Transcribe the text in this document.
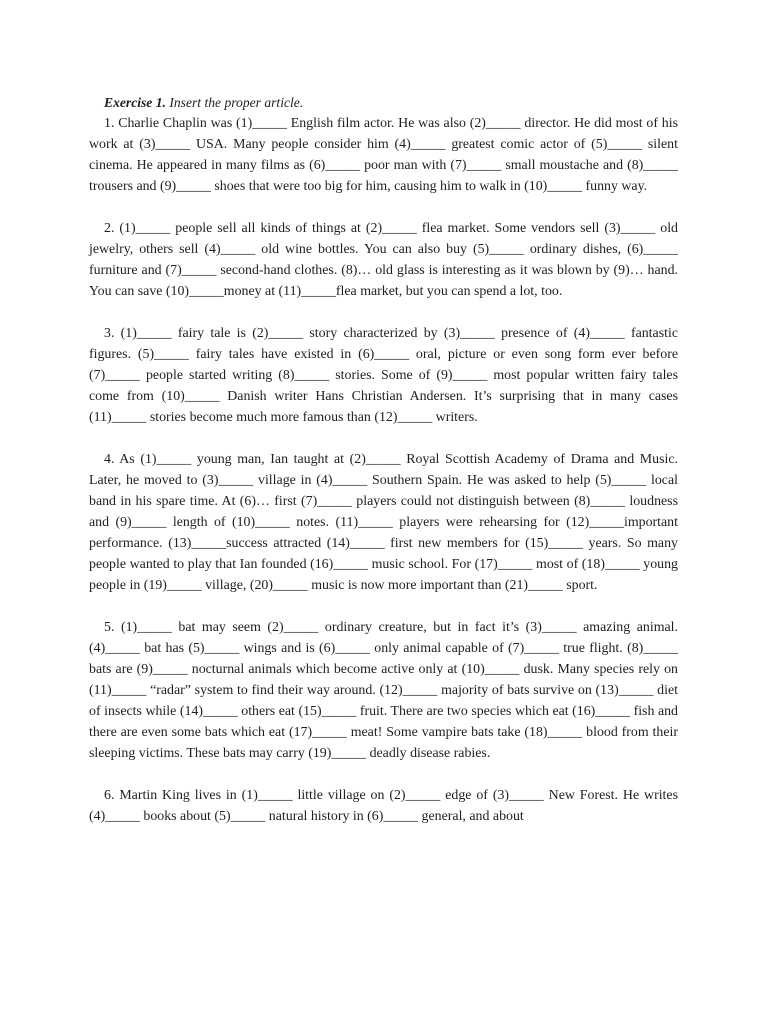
Exercise 1. Insert the proper article.

1. Charlie Chaplin was (1)_____ English film actor. He was also (2)_____ director. He did most of his work at (3)_____ USA. Many people consider him (4)_____ greatest comic actor of (5)_____ silent cinema. He appeared in many films as (6)_____ poor man with (7)_____ small moustache and (8)_____ trousers and (9)_____ shoes that were too big for him, causing him to walk in (10)_____ funny way.

2. (1)_____ people sell all kinds of things at (2)_____ flea market. Some vendors sell (3)_____ old jewelry, others sell (4)_____ old wine bottles. You can also buy (5)_____ ordinary dishes, (6)_____ furniture and (7)_____ second-hand clothes. (8)… old glass is interesting as it was blown by (9)… hand. You can save (10)_____money at (11)_____flea market, but you can spend a lot, too.

3. (1)_____ fairy tale is (2)_____ story characterized by (3)_____ presence of (4)_____ fantastic figures. (5)_____ fairy tales have existed in (6)_____ oral, picture or even song form ever before (7)_____ people started writing (8)_____ stories. Some of (9)_____ most popular written fairy tales come from (10)_____ Danish writer Hans Christian Andersen. It’s surprising that in many cases (11)_____ stories become much more famous than (12)_____ writers.

4. As (1)_____ young man, Ian taught at (2)_____ Royal Scottish Academy of Drama and Music. Later, he moved to (3)_____ village in (4)_____ Southern Spain. He was asked to help (5)_____ local band in his spare time. At (6)… first (7)_____ players could not distinguish between (8)_____ loudness and (9)_____ length of (10)_____ notes. (11)_____ players were rehearsing for (12)_____important performance. (13)_____success attracted (14)_____ first new members for (15)_____ years. So many people wanted to play that Ian founded (16)_____ music school. For (17)_____ most of (18)_____ young people in (19)_____ village, (20)_____ music is now more important than (21)_____ sport.

5. (1)_____ bat may seem (2)_____ ordinary creature, but in fact it’s (3)_____ amazing animal. (4)_____ bat has (5)_____ wings and is (6)_____ only animal capable of (7)_____ true flight. (8)_____ bats are (9)_____ nocturnal animals which become active only at (10)_____ dusk. Many species rely on (11)_____ “radar” system to find their way around. (12)_____ majority of bats survive on (13)_____ diet of insects while (14)_____ others eat (15)_____ fruit. There are two species which eat (16)_____ fish and there are even some bats which eat (17)_____ meat! Some vampire bats take (18)_____ blood from their sleeping victims. These bats may carry (19)_____ deadly disease rabies.

6. Martin King lives in (1)_____ little village on (2)_____ edge of (3)_____ New Forest. He writes (4)_____ books about (5)_____ natural history in (6)_____ general, and about
